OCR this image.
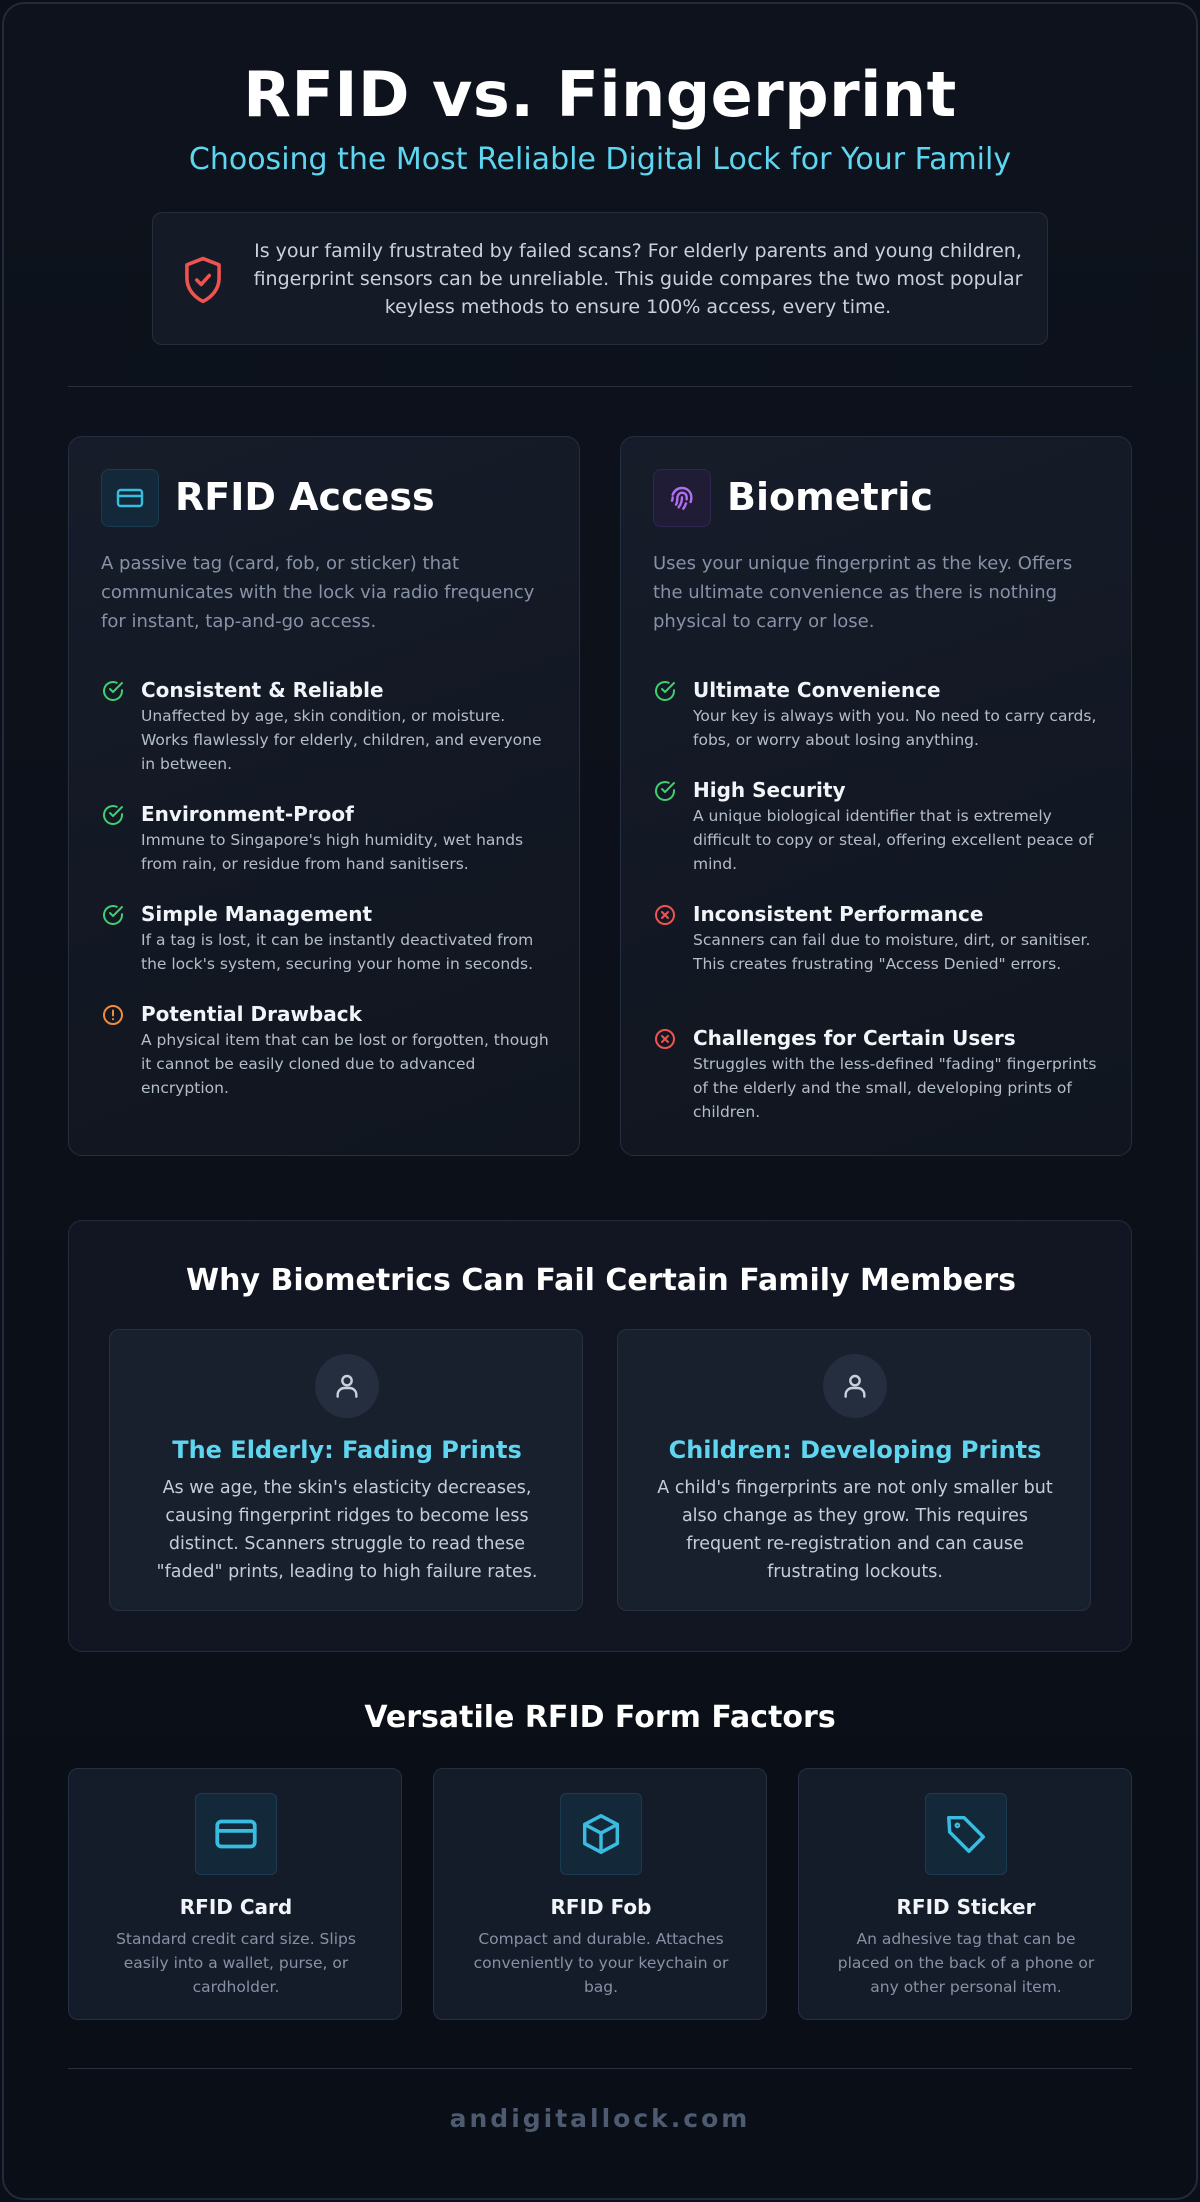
RFID vs. Fingerprint
Choosing the Most Reliable Digital Lock for Your Family

Is your family frustrated by failed scans? For elderly parents and young children, fingerprint sensors can be unreliable. This guide compares the two most popular keyless methods to ensure 100% access, every time.

RFID Access

A passive tag (card, fob, or sticker) that communicates with the lock via radio frequency for instant, tap-and-go access.

Consistent & Reliable

Unaffected by age, skin condition, or moisture. Works flawlessly for elderly, children, and everyone in between.

Environment-Proof

Immune to Singapore's high humidity, wet hands from rain, or residue from hand sanitisers.

Simple Management

If a tag is lost, it can be instantly deactivated from the lock's system, securing your home in seconds.

Potential Drawback

A physical item that can be lost or forgotten, though it cannot be easily cloned due to advanced encryption.

Biometric

Uses your unique fingerprint as the key. Offers the ultimate convenience as there is nothing physical to carry or lose.

Ultimate Convenience

Your key is always with you. No need to carry cards, fobs, or worry about losing anything.

High Security

A unique biological identifier that is extremely difficult to copy or steal, offering excellent peace of mind.

Inconsistent Performance

Scanners can fail due to moisture, dirt, or sanitiser. This creates frustrating "Access Denied" errors.

Challenges for Certain Users

Struggles with the less-defined "fading" fingerprints of the elderly and the small, developing prints of children.

Why Biometrics Can Fail Certain Family Members
The Elderly: Fading Prints

As we age, the skin's elasticity decreases, causing fingerprint ridges to become less distinct. Scanners struggle to read these "faded" prints, leading to high failure rates.

Children: Developing Prints

A child's fingerprints are not only smaller but also change as they grow. This requires frequent re-registration and can cause frustrating lockouts.

Versatile RFID Form Factors
RFID Card

Standard credit card size. Slips easily into a wallet, purse, or cardholder.

RFID Fob

Compact and durable. Attaches conveniently to your keychain or bag.

RFID Sticker

An adhesive tag that can be placed on the back of a phone or any other personal item.

andigitallock.com
